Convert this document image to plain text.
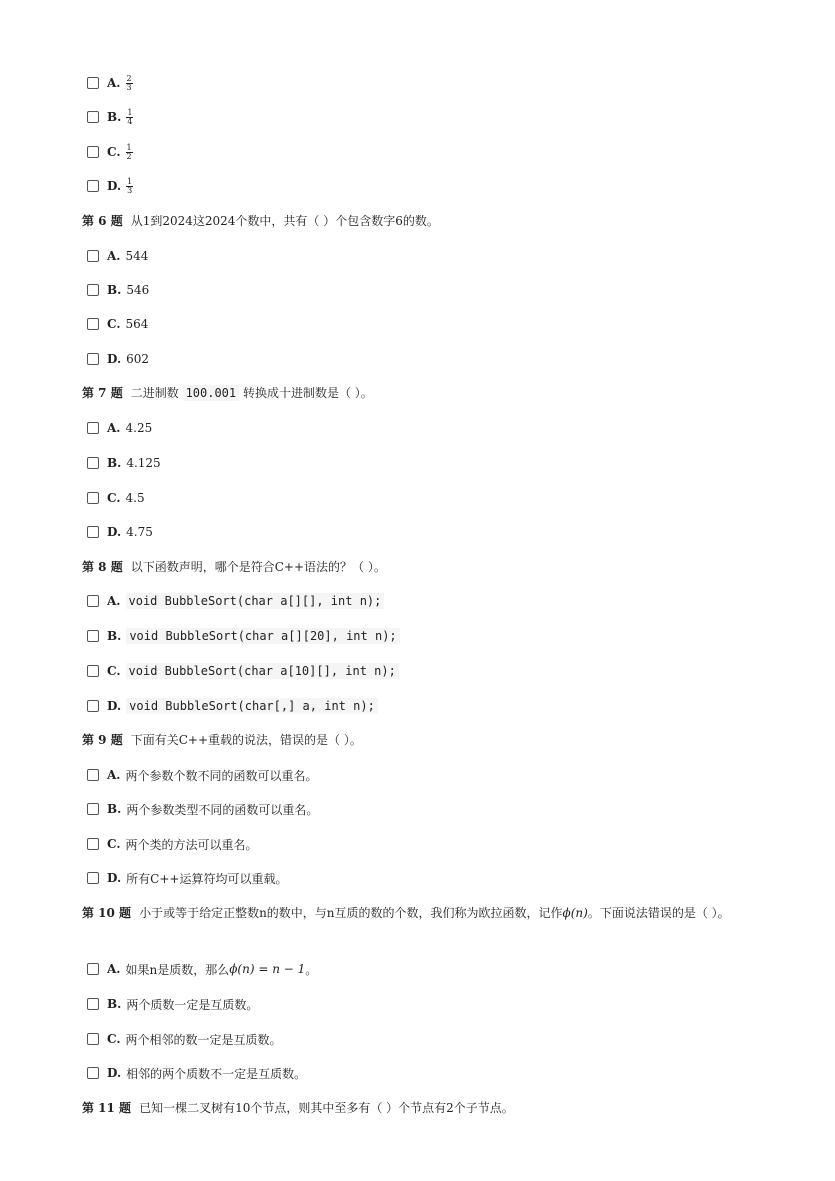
A. $\frac{2}{3}$
B. $\frac{1}{4}$
C. $\frac{1}{2}$
D. $\frac{1}{3}$
第 6 题 从1到2024这2024个数中，共有（ ）个包含数字6的数。
A. 544
B. 546
C. 564
D. 602
第 7 题 二进制数 100.001 转换成十进制数是（ ）。
A. 4.25
B. 4.125
C. 4.5
D. 4.75
第 8 题 以下函数声明，哪个是符合C++语法的？（ ）。
A. void BubbleSort(char a[][], int n);
B. void BubbleSort(char a[][20], int n);
C. void BubbleSort(char a[10][], int n);
D. void BubbleSort(char[,] a, int n);
第 9 题 下面有关C++重载的说法，错误的是（ ）。
A. 两个参数个数不同的函数可以重名。
B. 两个参数类型不同的函数可以重名。
C. 两个类的方法可以重名。
D. 所有C++运算符均可以重载。
第 10 题 小于或等于给定正整数n的数中，与n互质的数的个数，我们称为欧拉函数，记作ϕ(n)。下面说法错误的是（ ）。
A. 如果n是质数，那么 ϕ(n) = n − 1 。
B. 两个质数一定是互质数。
C. 两个相邻的数一定是互质数。
D. 相邻的两个质数不一定是互质数。
第 11 题 已知一棵二叉树有10个节点，则其中至多有（ ）个节点有2个子节点。
